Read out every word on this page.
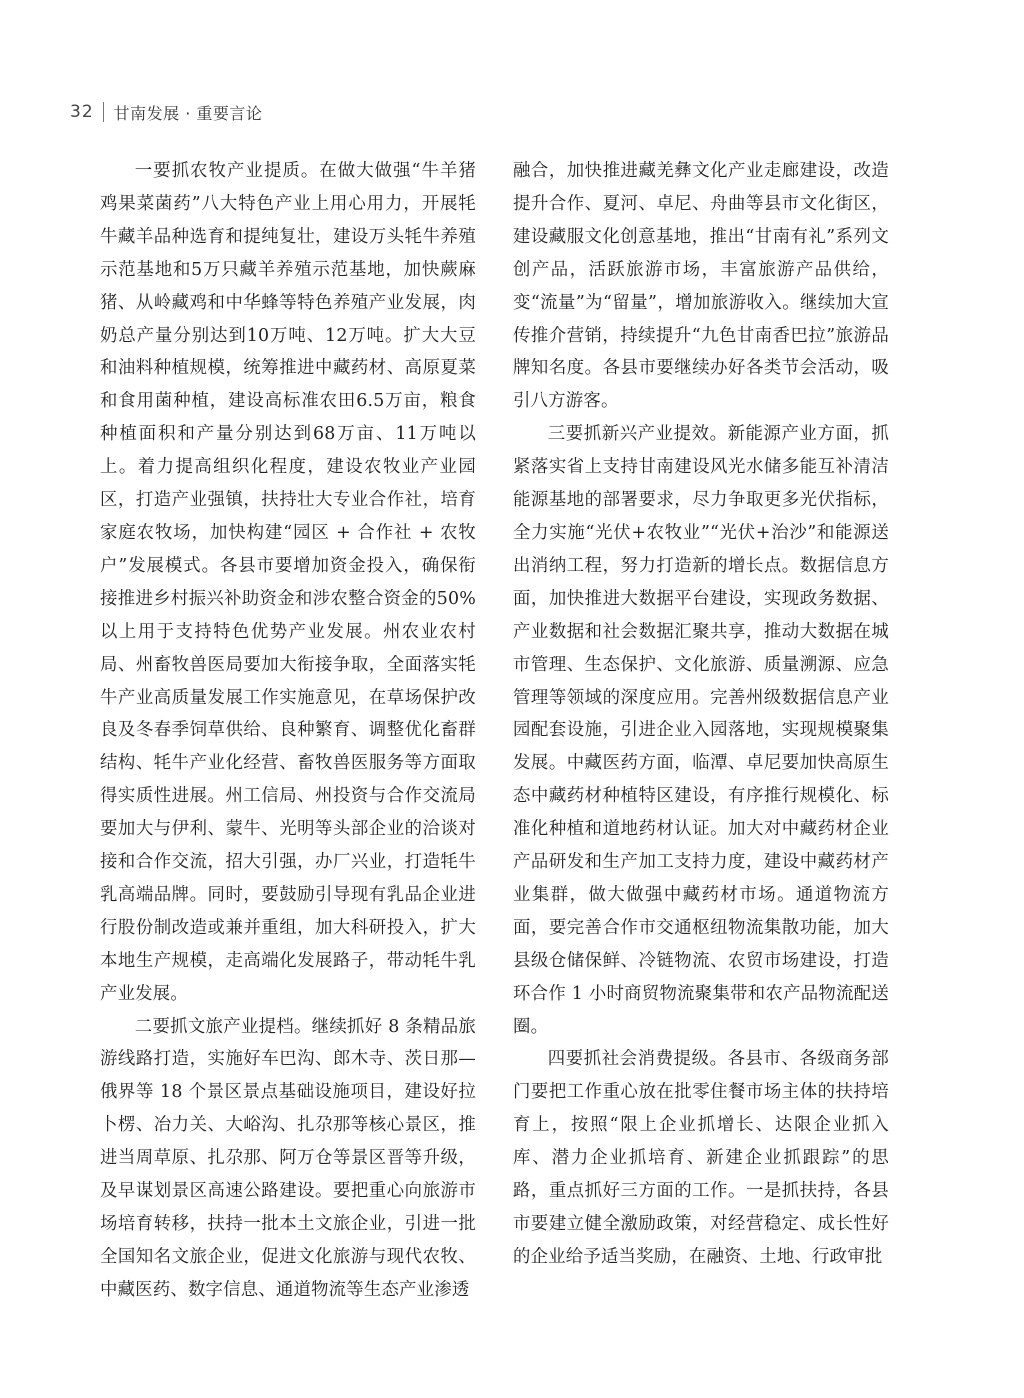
32 甘南发展 · 重要言论

一要抓农牧产业提质。在做大做强“牛羊猪鸡果菜菌药”八大特色产业上用心用力，开展牦牛藏羊品种选育和提纯复壮，建设万头牦牛养殖示范基地和5万只藏羊养殖示范基地，加快蕨麻猪、从岭藏鸡和中华蜂等特色养殖产业发展，肉奶总产量分别达到10万吨、12万吨。扩大大豆和油料种植规模，统筹推进中藏药材、高原夏菜和食用菌种植，建设高标准农田6.5万亩，粮食种植面积和产量分别达到68万亩、11万吨以上。着力提高组织化程度，建设农牧业产业园区，打造产业强镇，扶持壮大专业合作社，培育家庭农牧场，加快构建“园区 + 合作社 + 农牧户”发展模式。各县市要增加资金投入，确保衔接推进乡村振兴补助资金和涉农整合资金的50% 以上用于支持特色优势产业发展。州农业农村局、州畜牧兽医局要加大衔接争取，全面落实牦牛产业高质量发展工作实施意见，在草场保护改良及冬春季饲草供给、良种繁育、调整优化畜群结构、牦牛产业化经营、畜牧兽医服务等方面取得实质性进展。州工信局、州投资与合作交流局要加大与伊利、蒙牛、光明等头部企业的洽谈对接和合作交流，招大引强，办厂兴业，打造牦牛乳高端品牌。同时，要鼓励引导现有乳品企业进行股份制改造或兼并重组，加大科研投入，扩大本地生产规模，走高端化发展路子，带动牦牛乳产业发展。

二要抓文旅产业提档。继续抓好 8 条精品旅游线路打造，实施好车巴沟、郎木寺、茨日那—俄界等 18 个景区景点基础设施项目，建设好拉卜楞、冶力关、大峪沟、扎尕那等核心景区，推进当周草原、扎尕那、阿万仓等景区晋等升级，及早谋划景区高速公路建设。要把重心向旅游市场培育转移，扶持一批本土文旅企业，引进一批全国知名文旅企业，促进文化旅游与现代农牧、中藏医药、数字信息、通道物流等生态产业渗透

融合，加快推进藏羌彝文化产业走廊建设，改造提升合作、夏河、卓尼、舟曲等县市文化街区，建设藏服文化创意基地，推出“甘南有礼”系列文创产品，活跃旅游市场，丰富旅游产品供给，变“流量”为“留量”，增加旅游收入。继续加大宣传推介营销，持续提升“九色甘南香巴拉”旅游品牌知名度。各县市要继续办好各类节会活动，吸引八方游客。

三要抓新兴产业提效。新能源产业方面，抓紧落实省上支持甘南建设风光水储多能互补清洁能源基地的部署要求，尽力争取更多光伏指标，全力实施“光伏+农牧业”“光伏+治沙”和能源送出消纳工程，努力打造新的增长点。数据信息方面，加快推进大数据平台建设，实现政务数据、产业数据和社会数据汇聚共享，推动大数据在城市管理、生态保护、文化旅游、质量溯源、应急管理等领域的深度应用。完善州级数据信息产业园配套设施，引进企业入园落地，实现规模聚集发展。中藏医药方面，临潭、卓尼要加快高原生态中藏药材种植特区建设，有序推行规模化、标准化种植和道地药材认证。加大对中藏药材企业产品研发和生产加工支持力度，建设中藏药材产业集群，做大做强中藏药材市场。通道物流方面，要完善合作市交通枢纽物流集散功能，加大县级仓储保鲜、冷链物流、农贸市场建设，打造环合作 1 小时商贸物流聚集带和农产品物流配送圈。

四要抓社会消费提级。各县市、各级商务部门要把工作重心放在批零住餐市场主体的扶持培育上，按照“限上企业抓增长、达限企业抓入库、潜力企业抓培育、新建企业抓跟踪”的思路，重点抓好三方面的工作。一是抓扶持，各县市要建立健全激励政策，对经营稳定、成长性好的企业给予适当奖励，在融资、土地、行政审批
